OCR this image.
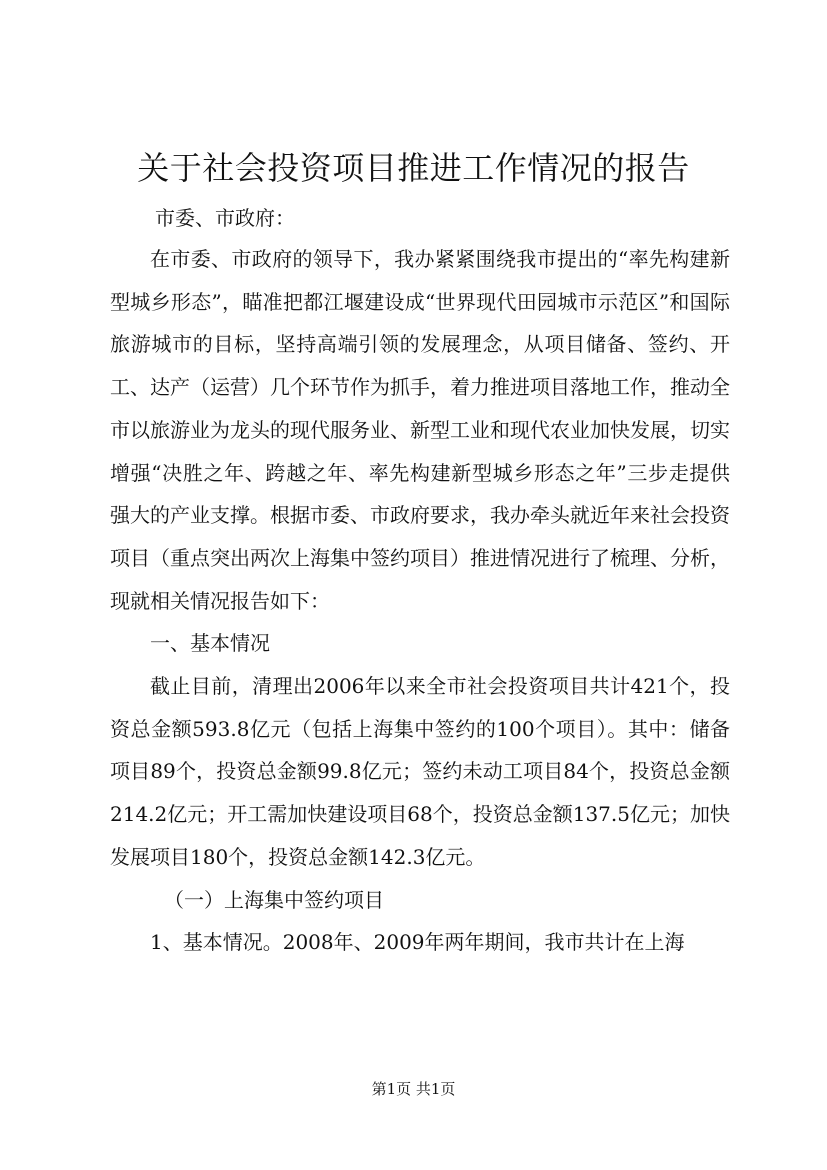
关于社会投资项目推进工作情况的报告
市委、市政府：

在市委、市政府的领导下，我办紧紧围绕我市提出的“率先构建新型城乡形态”，瞄准把都江堰建设成“世界现代田园城市示范区”和国际旅游城市的目标，坚持高端引领的发展理念，从项目储备、签约、开工、达产（运营）几个环节作为抓手，着力推进项目落地工作，推动全市以旅游业为龙头的现代服务业、新型工业和现代农业加快发展，切实增强“决胜之年、跨越之年、率先构建新型城乡形态之年”三步走提供强大的产业支撑。根据市委、市政府要求，我办牵头就近年来社会投资项目（重点突出两次上海集中签约项目）推进情况进行了梳理、分析，现就相关情况报告如下：

一、基本情况

截止目前，清理出2006年以来全市社会投资项目共计421个，投资总金额593.8亿元（包括上海集中签约的100个项目）。其中：储备项目89个，投资总金额99.8亿元；签约未动工项目84个，投资总金额214.2亿元；开工需加快建设项目68个，投资总金额137.5亿元；加快发展项目180个，投资总金额142.3亿元。

（一）上海集中签约项目

1、基本情况。2008年、2009年两年期间，我市共计在上海

第1页 共1页
